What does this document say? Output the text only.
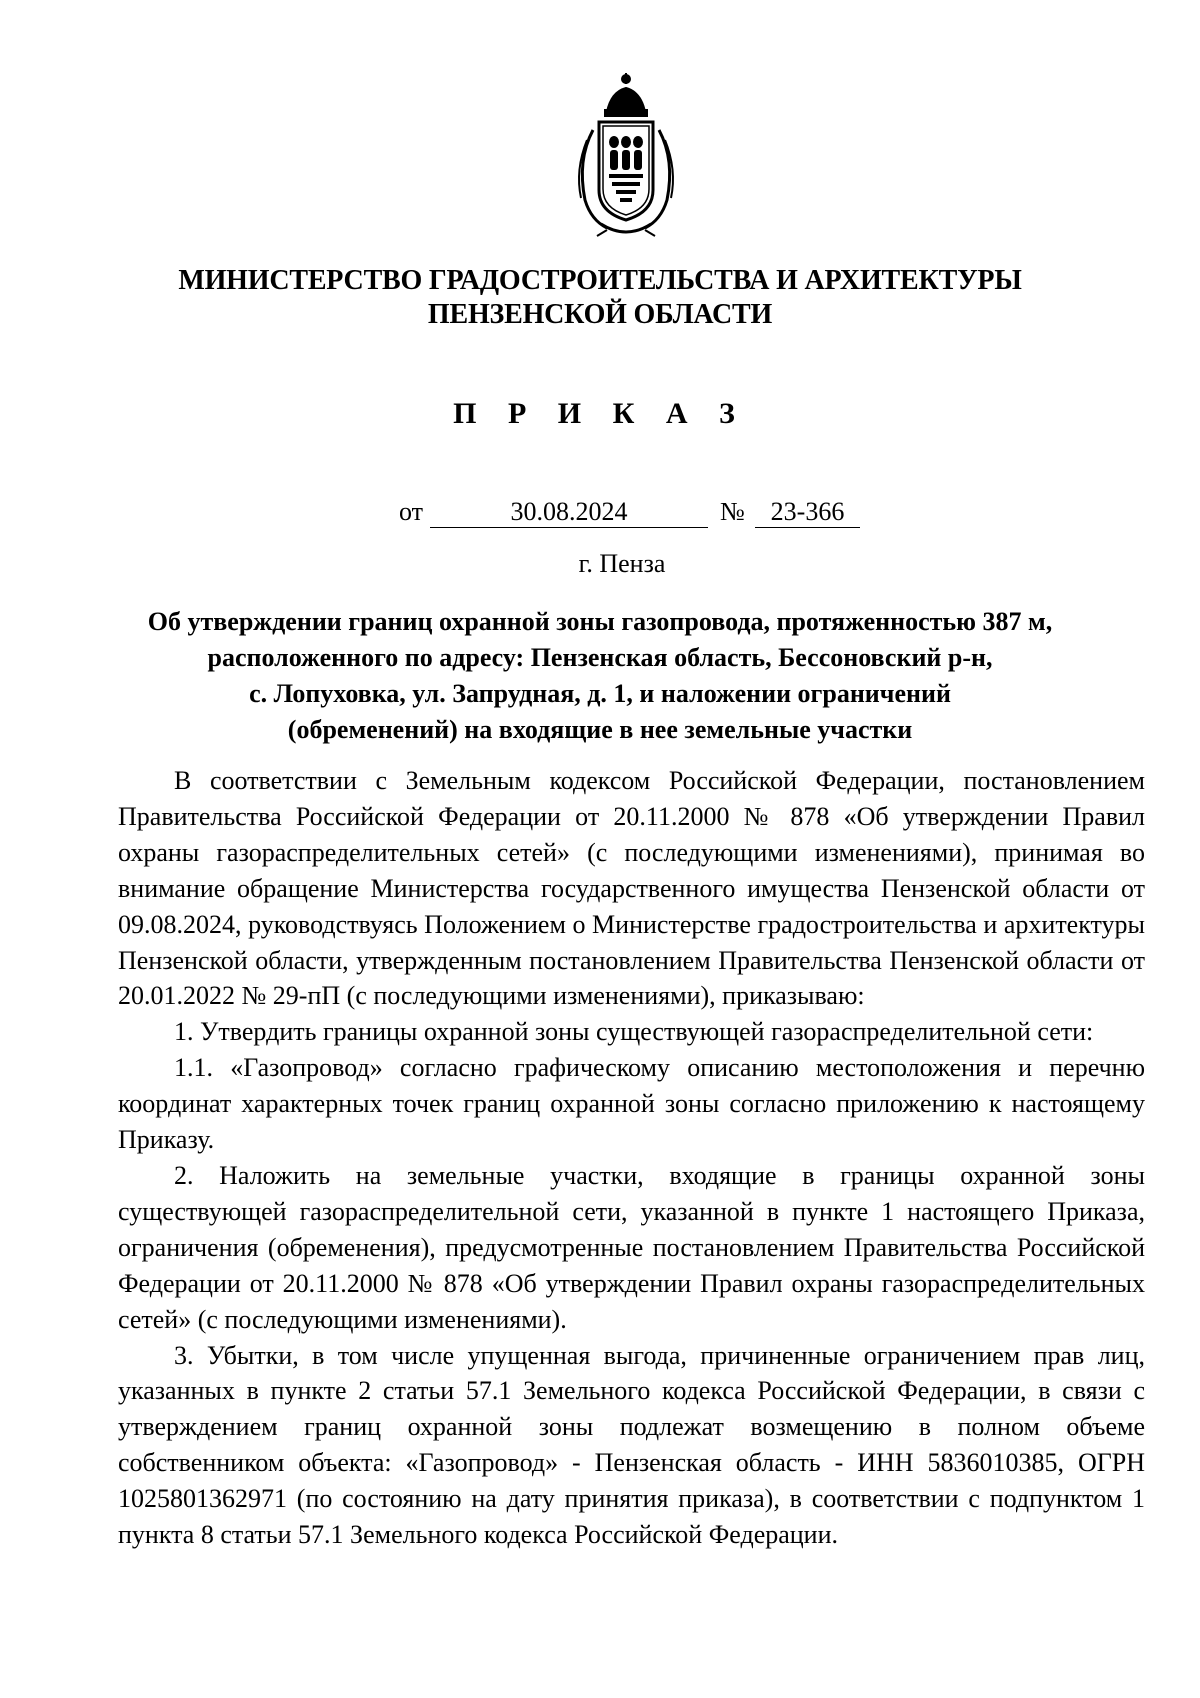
МИНИСТЕРСТВО ГРАДОСТРОИТЕЛЬСТВА И АРХИТЕКТУРЫ
ПЕНЗЕНСКОЙ ОБЛАСТИ
П Р И К А З
от	30.08.2024	№ 23-366
г. Пенза
Об утверждении границ охранной зоны газопровода, протяженностью 387 м,
расположенного по адресу: Пензенская область, Бессоновский р-н,
с. Лопуховка, ул. Запрудная, д. 1, и наложении ограничений
(обременений) на входящие в нее земельные участки

В соответствии с Земельным кодексом Российской Федерации, постановлением Правительства Российской Федерации от 20.11.2000 № 878 «Об утверждении Правил охраны газораспределительных сетей» (с последующими изменениями), принимая во внимание обращение Министерства государственного имущества Пензенской области от 09.08.2024, руководствуясь Положением о Министерстве градостроительства и архитектуры Пензенской области, утвержденным постановлением Правительства Пензенской области от 20.01.2022 № 29-пП (с последующими изменениями), приказываю:

1. Утвердить границы охранной зоны существующей газораспределительной сети:

1.1. «Газопровод» согласно графическому описанию местоположения и перечню координат характерных точек границ охранной зоны согласно приложению к настоящему Приказу.

2. Наложить на земельные участки, входящие в границы охранной зоны существующей газораспределительной сети, указанной в пункте 1 настоящего Приказа, ограничения (обременения), предусмотренные постановлением Правительства Российской Федерации от 20.11.2000 № 878 «Об утверждении Правил охраны газораспределительных сетей» (с последующими изменениями).

3. Убытки, в том числе упущенная выгода, причиненные ограничением прав лиц, указанных в пункте 2 статьи 57.1 Земельного кодекса Российской Федерации, в связи с утверждением границ охранной зоны подлежат возмещению в полном объеме собственником объекта: «Газопровод» - Пензенская область - ИНН 5836010385, ОГРН 1025801362971 (по состоянию на дату принятия приказа), в соответствии с подпунктом 1 пункта 8 статьи 57.1 Земельного кодекса Российской Федерации.
